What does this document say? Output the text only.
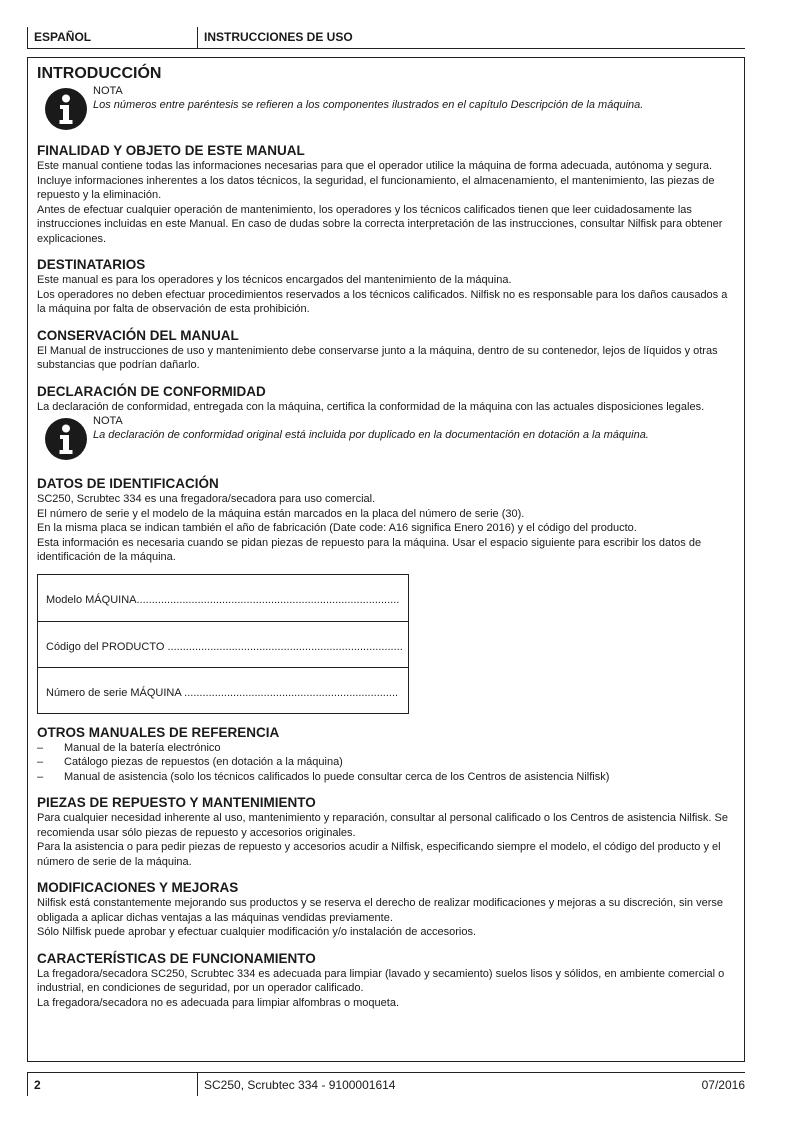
ESPAÑOL	INSTRUCCIONES DE USO
INTRODUCCIÓN
NOTA
Los números entre paréntesis se refieren a los componentes ilustrados en el capítulo Descripción de la máquina.
FINALIDAD Y OBJETO DE ESTE MANUAL

Este manual contiene todas las informaciones necesarias para que el operador utilice la máquina de forma adecuada, autónoma y segura. Incluye informaciones inherentes a los datos técnicos, la seguridad, el funcionamiento, el almacenamiento, el mantenimiento, las piezas de repuesto y la eliminación.

Antes de efectuar cualquier operación de mantenimiento, los operadores y los técnicos calificados tienen que leer cuidadosamente las instrucciones incluidas en este Manual. En caso de dudas sobre la correcta interpretación de las instrucciones, consultar Nilfisk para obtener explicaciones.

DESTINATARIOS

Este manual es para los operadores y los técnicos encargados del mantenimiento de la máquina.

Los operadores no deben efectuar procedimientos reservados a los técnicos calificados. Nilfisk no es responsable para los daños causados a la máquina por falta de observación de esta prohibición.

CONSERVACIÓN DEL MANUAL

El Manual de instrucciones de uso y mantenimiento debe conservarse junto a la máquina, dentro de su contenedor, lejos de líquidos y otras substancias que podrían dañarlo.

DECLARACIÓN DE CONFORMIDAD

La declaración de conformidad, entregada con la máquina, certifica la conformidad de la máquina con las actuales disposiciones legales.

NOTA
La declaración de conformidad original está incluida por duplicado en la documentación en dotación a la máquina.
DATOS DE IDENTIFICACIÓN

SC250, Scrubtec 334 es una fregadora/secadora para uso comercial.

El número de serie y el modelo de la máquina están marcados en la placa del número de serie (30).

En la misma placa se indican también el año de fabricación (Date code: A16 significa Enero 2016) y el código del producto.

Esta información es necesaria cuando se pidan piezas de repuesto para la máquina. Usar el espacio siguiente para escribir los datos de identificación de la máquina.

Modelo MÁQUINA......................................................................................
Código del PRODUCTO .............................................................................
Número de serie MÁQUINA ......................................................................
OTROS MANUALES DE REFERENCIA
– Manual de la batería electrónico
– Catálogo piezas de repuestos (en dotación a la máquina)
– Manual de asistencia (solo los técnicos calificados lo puede consultar cerca de los Centros de asistencia Nilfisk)
PIEZAS DE REPUESTO Y MANTENIMIENTO

Para cualquier necesidad inherente al uso, mantenimiento y reparación, consultar al personal calificado o los Centros de asistencia Nilfisk. Se recomienda usar sólo piezas de repuesto y accesorios originales.

Para la asistencia o para pedir piezas de repuesto y accesorios acudir a Nilfisk, especificando siempre el modelo, el código del producto y el número de serie de la máquina.

MODIFICACIONES Y MEJORAS

Nilfisk está constantemente mejorando sus productos y se reserva el derecho de realizar modificaciones y mejoras a su discreción, sin verse obligada a aplicar dichas ventajas a las máquinas vendidas previamente.

Sólo Nilfisk puede aprobar y efectuar cualquier modificación y/o instalación de accesorios.

CARACTERÍSTICAS DE FUNCIONAMIENTO

La fregadora/secadora SC250, Scrubtec 334 es adecuada para limpiar (lavado y secamiento) suelos lisos y sólidos, en ambiente comercial o industrial, en condiciones de seguridad, por un operador calificado.

La fregadora/secadora no es adecuada para limpiar alfombras o moqueta.

2	SC250, Scrubtec 334 - 9100001614	07/2016
